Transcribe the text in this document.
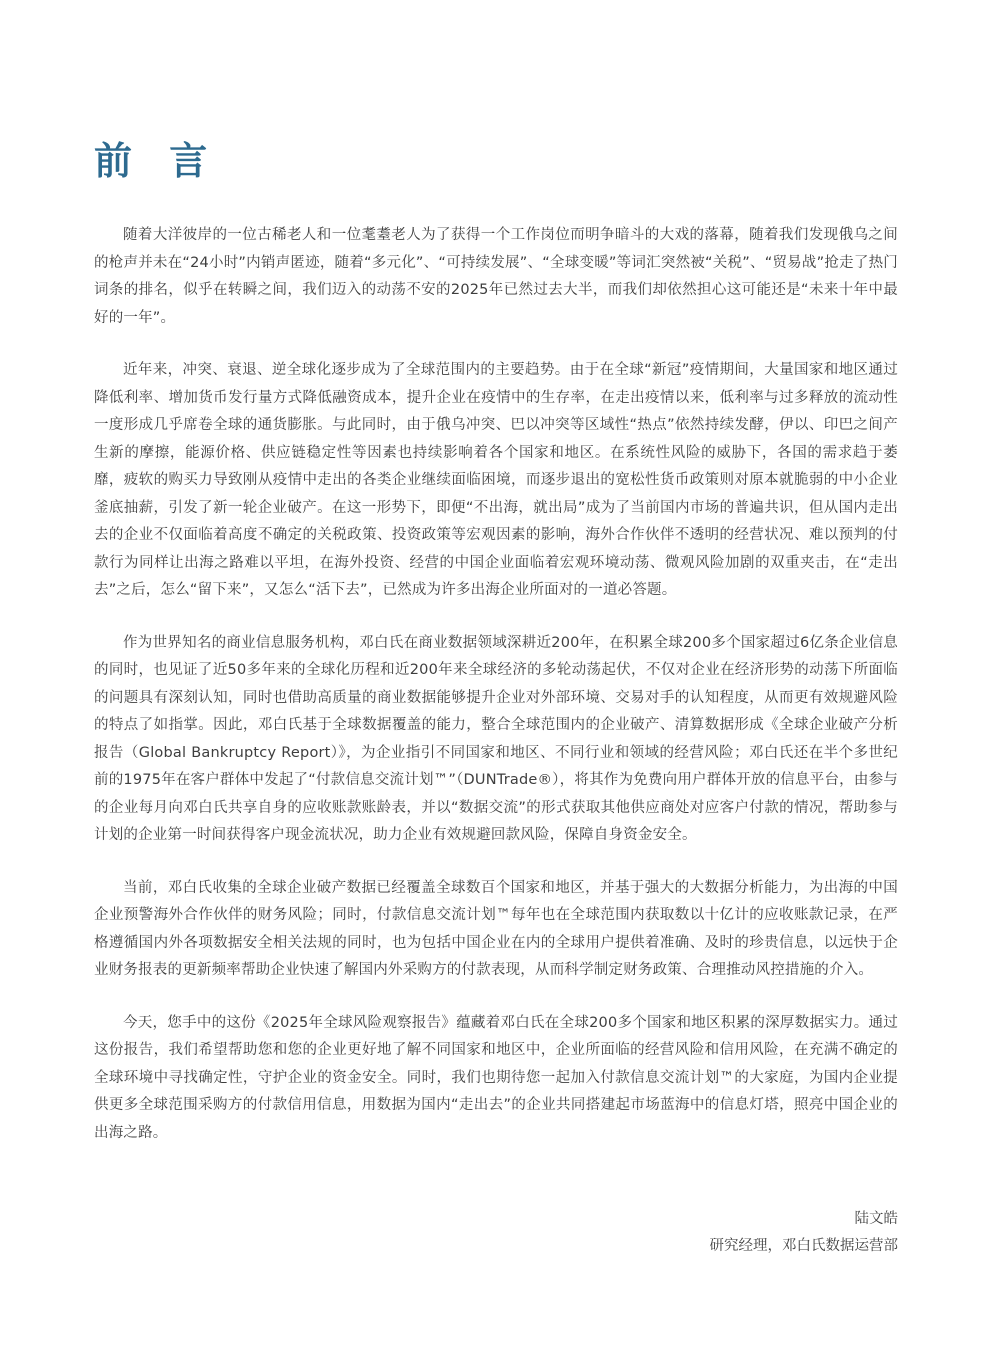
前 言

随着大洋彼岸的一位古稀老人和一位耄耋老人为了获得一个工作岗位而明争暗斗的大戏的落幕，随着我们发现俄乌之间的枪声并未在“24小时”内销声匿迹，随着“多元化”、“可持续发展”、“全球变暖”等词汇突然被“关税”、“贸易战”抢走了热门词条的排名，似乎在转瞬之间，我们迈入的动荡不安的2025年已然过去大半，而我们却依然担心这可能还是“未来十年中最好的一年”。

近年来，冲突、衰退、逆全球化逐步成为了全球范围内的主要趋势。由于在全球“新冠”疫情期间，大量国家和地区通过降低利率、增加货币发行量方式降低融资成本，提升企业在疫情中的生存率，在走出疫情以来，低利率与过多释放的流动性一度形成几乎席卷全球的通货膨胀。与此同时，由于俄乌冲突、巴以冲突等区域性“热点”依然持续发酵，伊以、印巴之间产生新的摩擦，能源价格、供应链稳定性等因素也持续影响着各个国家和地区。在系统性风险的威胁下，各国的需求趋于萎靡，疲软的购买力导致刚从疫情中走出的各类企业继续面临困境，而逐步退出的宽松性货币政策则对原本就脆弱的中小企业釜底抽薪，引发了新一轮企业破产。在这一形势下，即便“不出海，就出局”成为了当前国内市场的普遍共识，但从国内走出去的企业不仅面临着高度不确定的关税政策、投资政策等宏观因素的影响，海外合作伙伴不透明的经营状况、难以预判的付款行为同样让出海之路难以平坦，在海外投资、经营的中国企业面临着宏观环境动荡、微观风险加剧的双重夹击，在“走出去”之后，怎么“留下来”，又怎么“活下去”，已然成为许多出海企业所面对的一道必答题。

作为世界知名的商业信息服务机构，邓白氏在商业数据领域深耕近200年，在积累全球200多个国家超过6亿条企业信息的同时，也见证了近50多年来的全球化历程和近200年来全球经济的多轮动荡起伏，不仅对企业在经济形势的动荡下所面临的问题具有深刻认知，同时也借助高质量的商业数据能够提升企业对外部环境、交易对手的认知程度，从而更有效规避风险的特点了如指掌。因此，邓白氏基于全球数据覆盖的能力，整合全球范围内的企业破产、清算数据形成《全球企业破产分析报告（Global Bankruptcy Report）》，为企业指引不同国家和地区、不同行业和领域的经营风险；邓白氏还在半个多世纪前的1975年在客户群体中发起了“付款信息交流计划™”（DUNTrade®），将其作为免费向用户群体开放的信息平台，由参与的企业每月向邓白氏共享自身的应收账款账龄表，并以“数据交流”的形式获取其他供应商处对应客户付款的情况，帮助参与计划的企业第一时间获得客户现金流状况，助力企业有效规避回款风险，保障自身资金安全。

当前，邓白氏收集的全球企业破产数据已经覆盖全球数百个国家和地区，并基于强大的大数据分析能力，为出海的中国企业预警海外合作伙伴的财务风险；同时，付款信息交流计划™每年也在全球范围内获取数以十亿计的应收账款记录，在严格遵循国内外各项数据安全相关法规的同时，也为包括中国企业在内的全球用户提供着准确、及时的珍贵信息，以远快于企业财务报表的更新频率帮助企业快速了解国内外采购方的付款表现，从而科学制定财务政策、合理推动风控措施的介入。

今天，您手中的这份《2025年全球风险观察报告》蕴藏着邓白氏在全球200多个国家和地区积累的深厚数据实力。通过这份报告，我们希望帮助您和您的企业更好地了解不同国家和地区中，企业所面临的经营风险和信用风险，在充满不确定的全球环境中寻找确定性，守护企业的资金安全。同时，我们也期待您一起加入付款信息交流计划™的大家庭，为国内企业提供更多全球范围采购方的付款信用信息，用数据为国内“走出去”的企业共同搭建起市场蓝海中的信息灯塔，照亮中国企业的出海之路。

陆文皓
研究经理，邓白氏数据运营部
